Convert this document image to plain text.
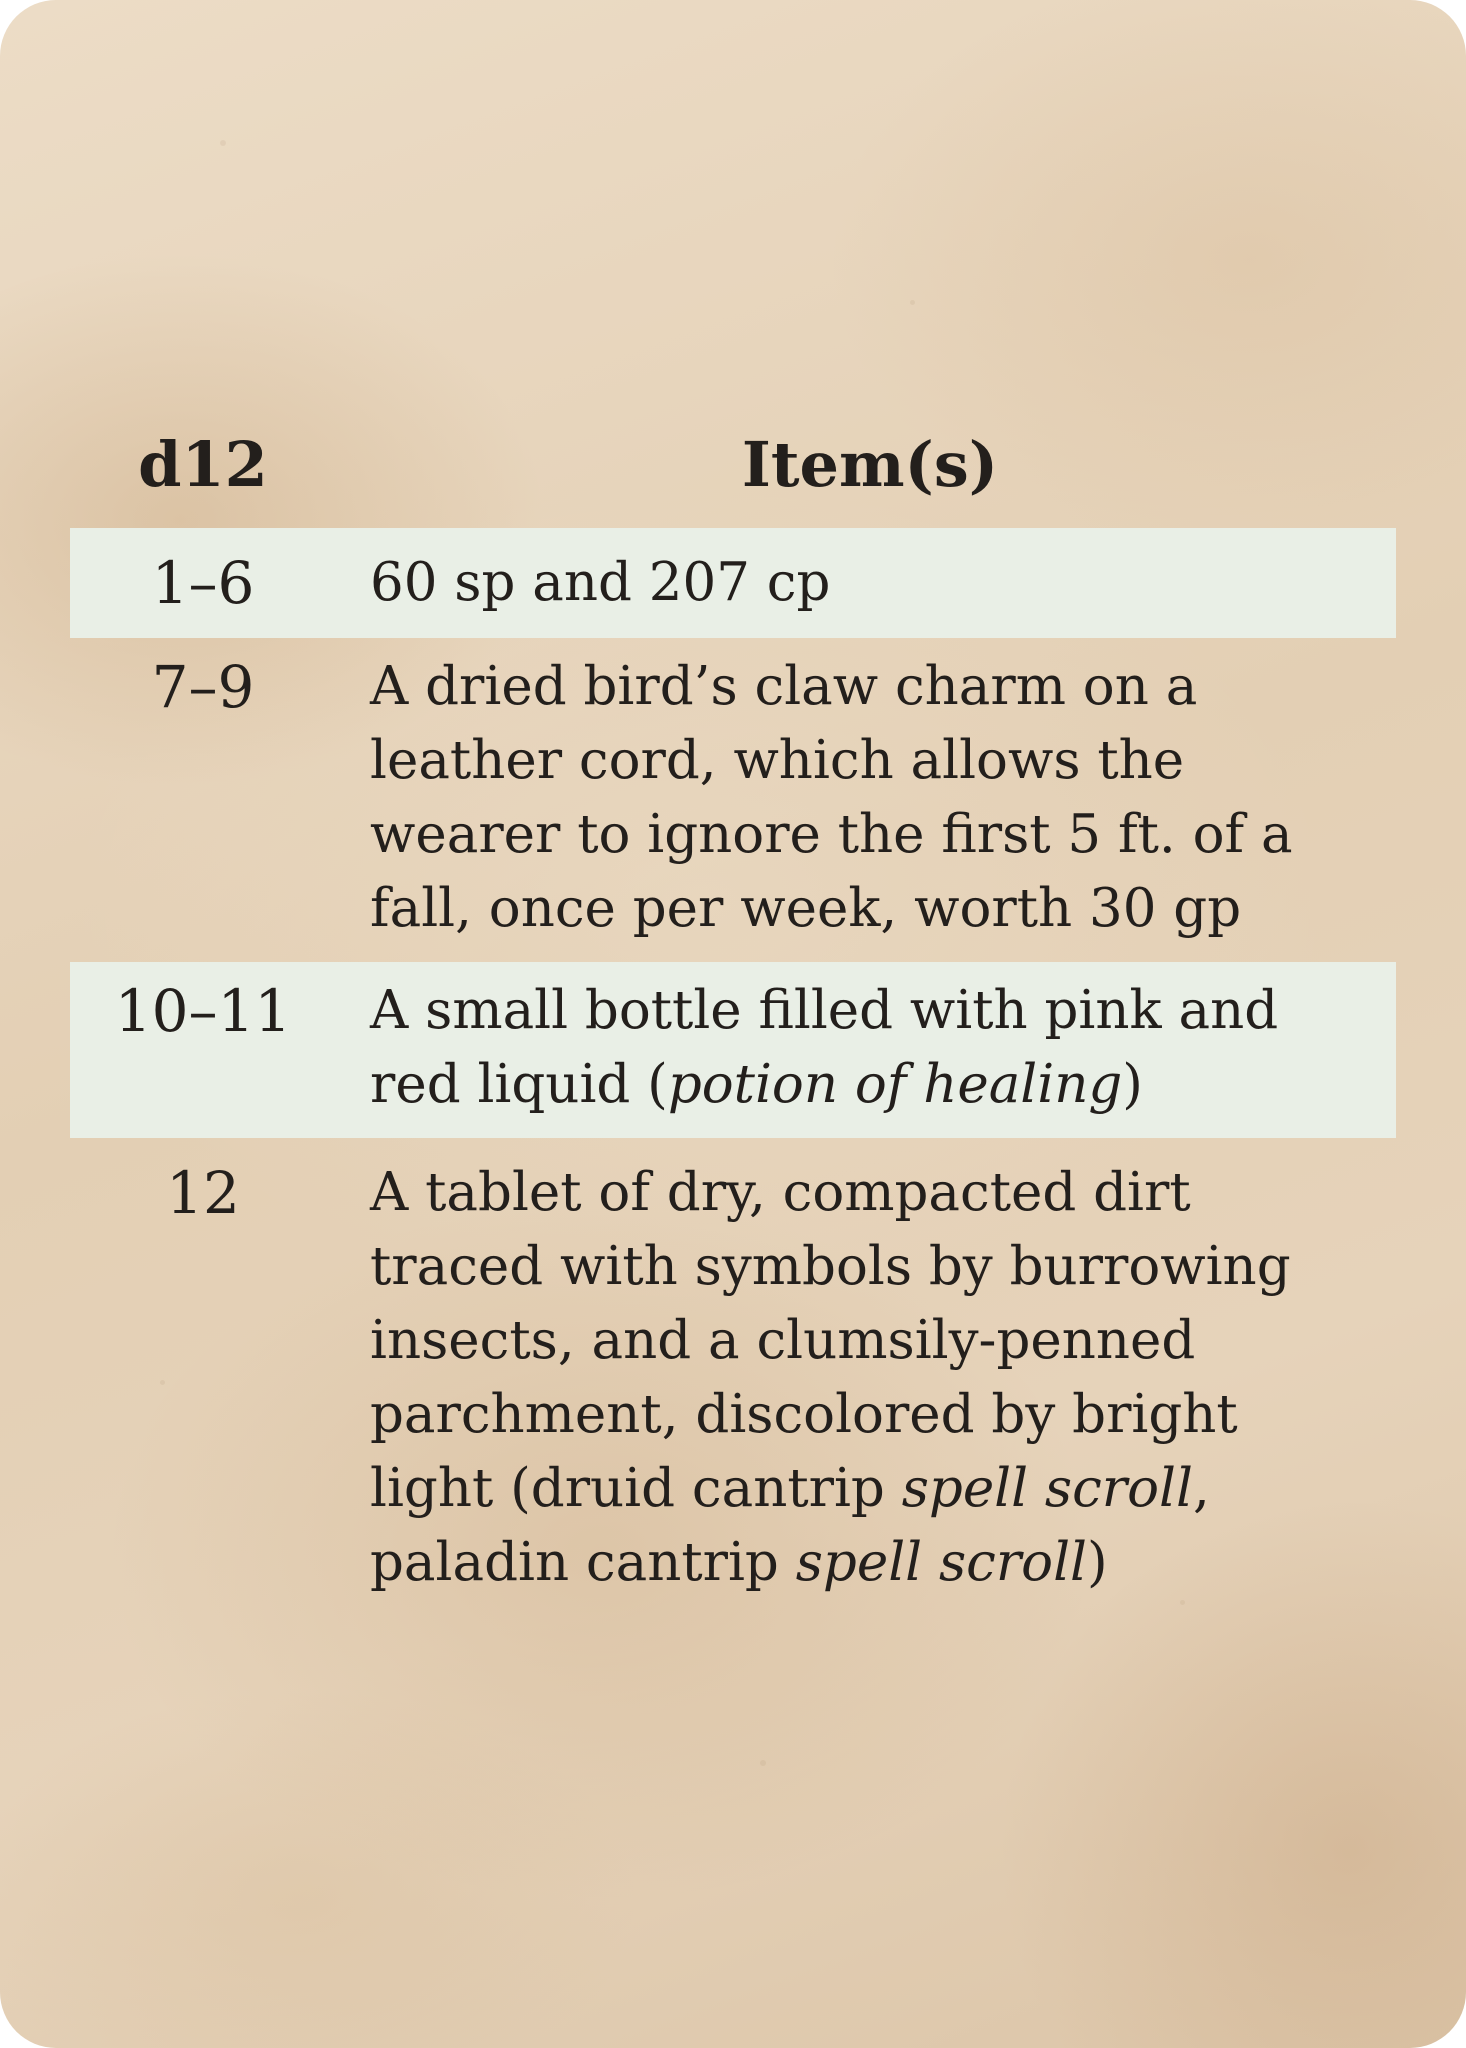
d12	Item(s)
1–6	60 sp and 207 cp
7–9	A dried bird’s claw charm on a leather cord, which allows the wearer to ignore the first 5 ft. of a fall, once per week, worth 30 gp
10–11	A small bottle filled with pink and red liquid (potion of healing)
12	A tablet of dry, compacted dirt traced with symbols by burrowing insects, and a clumsily-penned parchment, discolored by bright light (druid cantrip spell scroll, paladin cantrip spell scroll)
